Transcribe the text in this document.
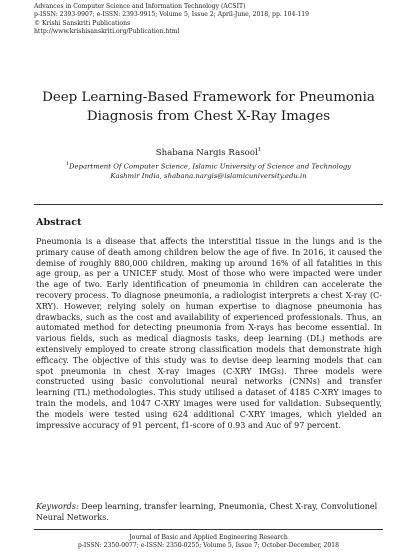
Advances in Computer Science and Information Technology (ACSIT)
p-ISSN: 2393-9907; e-ISSN: 2393-9915; Volume 5, Issue 2; April-June, 2018, pp. 104-119
© Krishi Sanskriti Publications
http://www.krishisanskriti.org/Publication.html
Deep Learning-Based Framework for Pneumonia
Diagnosis from Chest X-Ray Images
Shabana Nargis Rasool$^1$
$^1$Department Of Computer Science, Islamic University of Science and Technology
Kashmir India, shabana.nargis@islamicuniversity.edu.in
Abstract

Pneumonia is a disease that affects the interstitial tissue in the lungs and is the primary cause of death among children below the age of five. In 2016, it caused the demise of roughly 880,000 children, making up around 16% of all fatalities in this age group, as per a UNICEF study. Most of those who were impacted were under the age of two. Early identification of pneumonia in children can accelerate the recovery process. To diagnose pneumonia, a radiologist interprets a chest X-ray (C-XRY). However, relying solely on human expertise to diagnose pneumonia has drawbacks, such as the cost and availability of experienced professionals. Thus, an automated method for detecting pneumonia from X-rays has become essential. In various fields, such as medical diagnosis tasks, deep learning (DL) methods are extensively employed to create strong classification models that demonstrate high efficacy. The objective of this study was to devise deep learning models that can spot pneumonia in chest X-ray images (C-XRY IMGs). Three models were constructed using basic convolutional neural networks (CNNs) and transfer learning (TL) methodologies. This study utilised a dataset of 4185 C-XRY images to train the models, and 1047 C-XRY images were used for validation. Subsequently, the models were tested using 624 additional C-XRY images, which yielded an impressive accuracy of 91 percent, f1-score of 0.93 and Auc of 97 percent.

Keywords: Deep learning, transfer learning, Pneumonia, Chest X-ray, Convolutionel Neural Networks.
Journal of Basic and Applied Engineering Research
p-ISSN: 2350-0077; e-ISSN: 2350-0255; Volume 5, Issue 7; October-December, 2018
